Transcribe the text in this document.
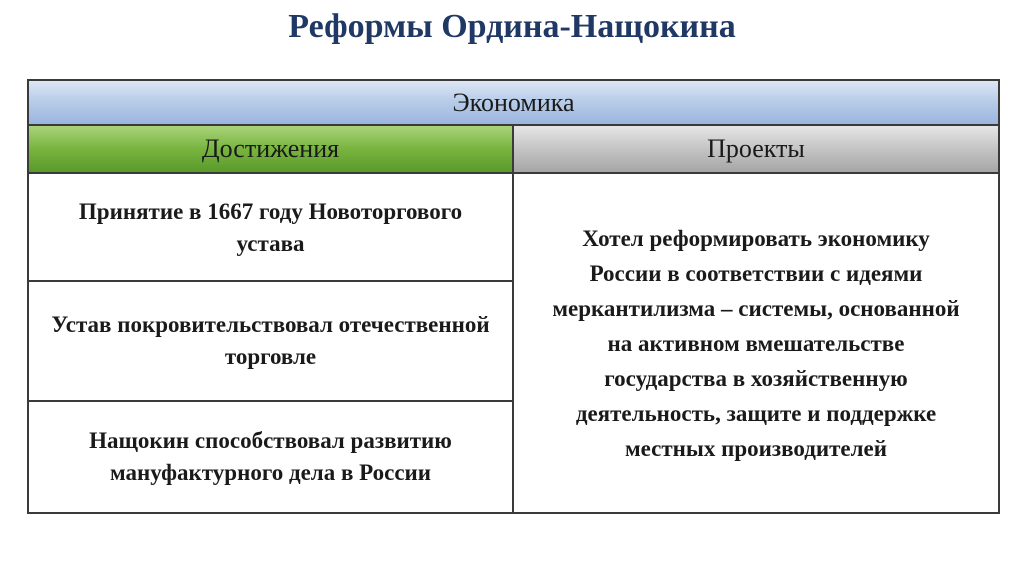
Реформы Ордина-Нащокина
Экономика
Достижения	Проекты
Принятие в 1667 году Новоторгового устава
Устав покровительствовал отечественной торговле
Нащокин способствовал развитию мануфактурного дела в России
Хотел реформировать экономику России в соответствии с идеями меркантилизма – системы, основанной на активном вмешательстве государства в хозяйственную деятельность, защите и поддержке местных производителей
